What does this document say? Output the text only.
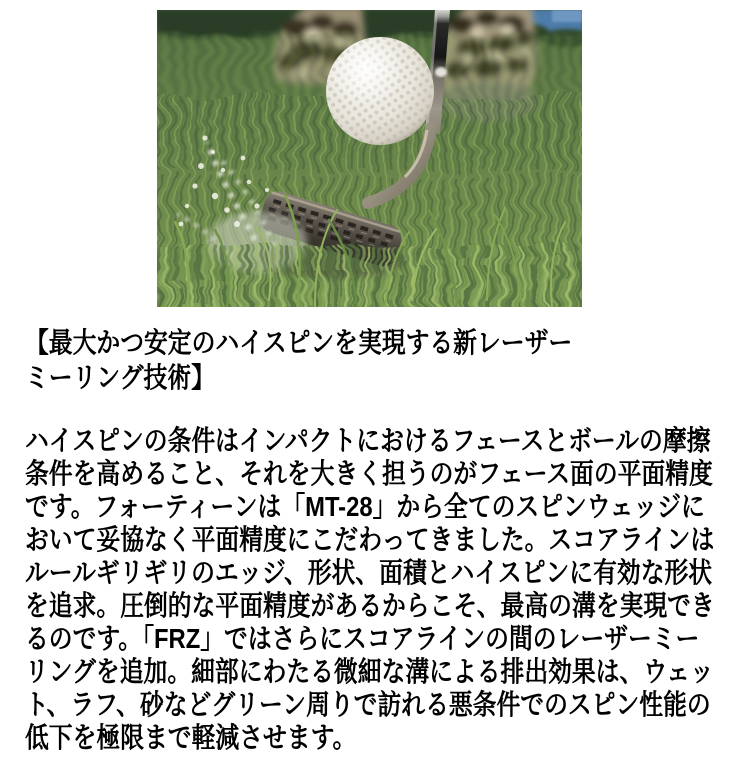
【最大かつ安定のハイスピンを実現する新レーザー
ミーリング技術】
ハイスピンの条件はインパクトにおけるフェースとボールの摩擦
条件を高めること、それを大きく担うのがフェース面の平面精度
です。フォーティーンは「MT-28」から全てのスピンウェッジに
おいて妥協なく平面精度にこだわってきました。スコアラインは
ルールギリギリのエッジ、形状、面積とハイスピンに有効な形状
を追求。圧倒的な平面精度があるからこそ、最高の溝を実現でき
るのです。「FRZ」ではさらにスコアラインの間のレーザーミー
リングを追加。細部にわたる微細な溝による排出効果は、ウェッ
ト、ラフ、砂などグリーン周りで訪れる悪条件でのスピン性能の
低下を極限まで軽減させます。
